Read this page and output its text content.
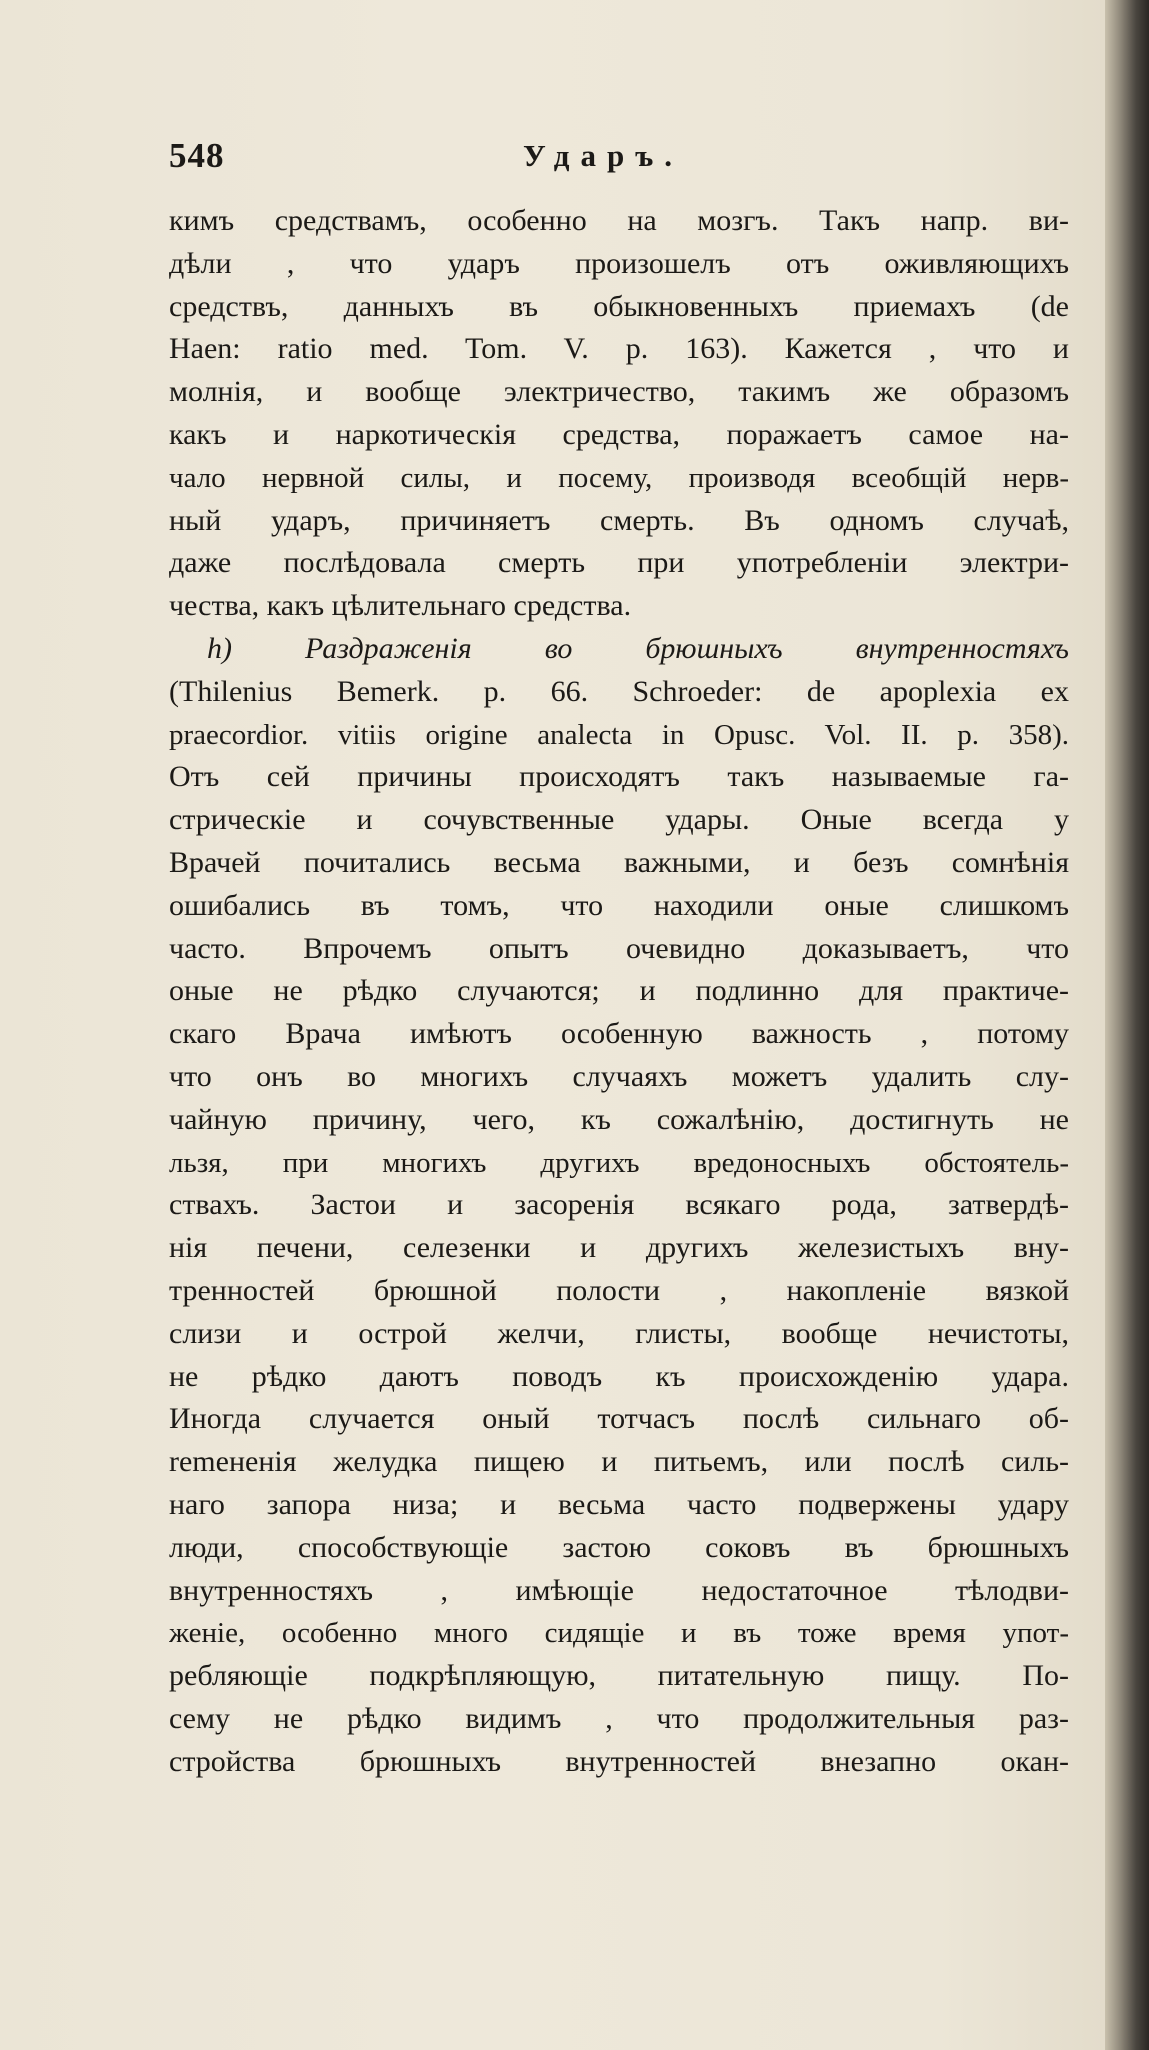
548	Ударъ.
кимъ средствамъ, особенно на мозгъ. Такъ напр. ви-
дѣли , что ударъ произошелъ отъ оживляющихъ
средствъ, данныхъ въ обыкновенныхъ приемахъ (de
Haen: ratio med. Tom. V. p. 163). Кажется , что и
молнія, и вообще электричество, такимъ же образомъ
какъ и наркотическія средства, поражаетъ самое на-
чало нервной силы, и посему, производя всеобщій нерв-
ный ударъ, причиняетъ смерть. Въ одномъ случаѣ,
даже послѣдовала смерть при употребленіи электри-
чества, какъ цѣлительнаго средства.
h) Раздраженія во брюшныхъ внутренностяхъ
(Thilenius Bemerk. p. 66. Schroeder: de apoplexia ex
praecordior. vitiis origine analecta in Opusc. Vol. II. p. 358).
Отъ сей причины происходятъ такъ называемые га-
стрическіе и сочувственные удары. Оные всегда у
Врачей почитались весьма важными, и безъ сомнѣнія
ошибались въ томъ, что находили оные слишкомъ
часто. Впрочемъ опытъ очевидно доказываетъ, что
оные не рѣдко случаются; и подлинно для практиче-
скаго Врача имѣютъ особенную важность , потому
что онъ во многихъ случаяхъ можетъ удалить слу-
чайную причину, чего, къ сожалѣнію, достигнуть не
льзя, при многихъ другихъ вредоносныхъ обстоятель-
ствахъ. Застои и засоренія всякаго рода, затвердѣ-
нія печени, селезенки и другихъ железистыхъ вну-
тренностей брюшной полости , накопленіе вязкой
слизи и острой желчи, глисты, вообще нечистоты,
не рѣдко даютъ поводъ къ происхожденію удара.
Иногда случается оный тотчасъ послѣ сильнаго об-
remененія желудка пищею и питьемъ, или послѣ силь-
наго запора низа; и весьма часто подвержены удару
люди, способствующіе застою соковъ въ брюшныхъ
внутренностяхъ , имѣющіе недостаточное тѣлодви-
женіе, особенно много сидящіе и въ тоже время упот-
ребляющіе подкрѣпляющую, питательную пищу. По-
сему не рѣдко видимъ , что продолжительныя раз-
стройства брюшныхъ внутренностей внезапно окан-
